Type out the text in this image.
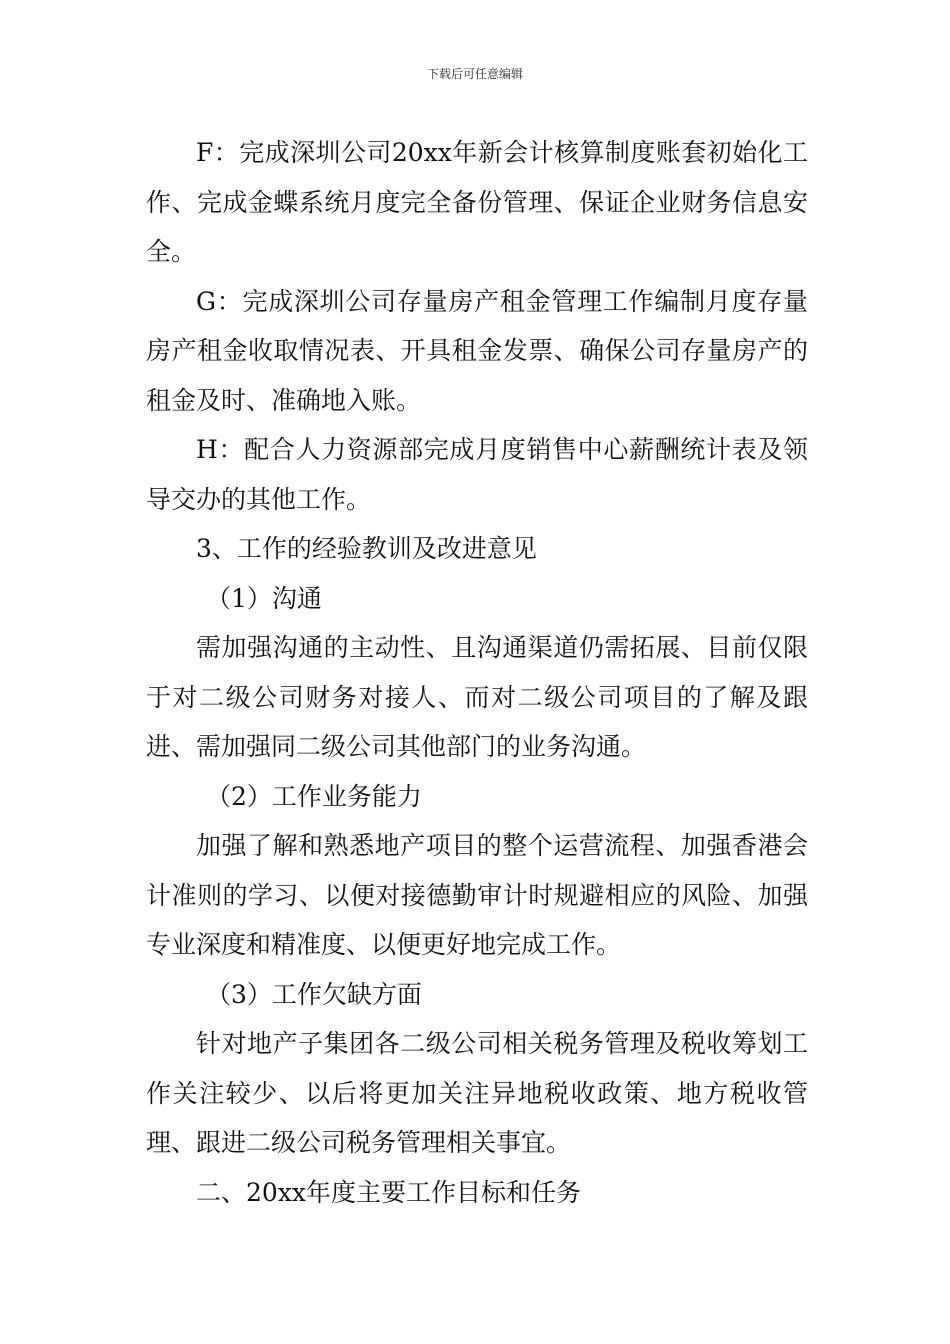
下载后可任意编辑

F：完成深圳公司20xx年新会计核算制度账套初始化工作、完成金蝶系统月度完全备份管理、保证企业财务信息安全。

G：完成深圳公司存量房产租金管理工作编制月度存量房产租金收取情况表、开具租金发票、确保公司存量房产的租金及时、准确地入账。

H：配合人力资源部完成月度销售中心薪酬统计表及领导交办的其他工作。

3、工作的经验教训及改进意见

（1）沟通

需加强沟通的主动性、且沟通渠道仍需拓展、目前仅限于对二级公司财务对接人、而对二级公司项目的了解及跟进、需加强同二级公司其他部门的业务沟通。

（2）工作业务能力

加强了解和熟悉地产项目的整个运营流程、加强香港会计准则的学习、以便对接德勤审计时规避相应的风险、加强专业深度和精准度、以便更好地完成工作。

（3）工作欠缺方面

针对地产子集团各二级公司相关税务管理及税收筹划工作关注较少、以后将更加关注异地税收政策、地方税收管理、跟进二级公司税务管理相关事宜。

二、20xx年度主要工作目标和任务
